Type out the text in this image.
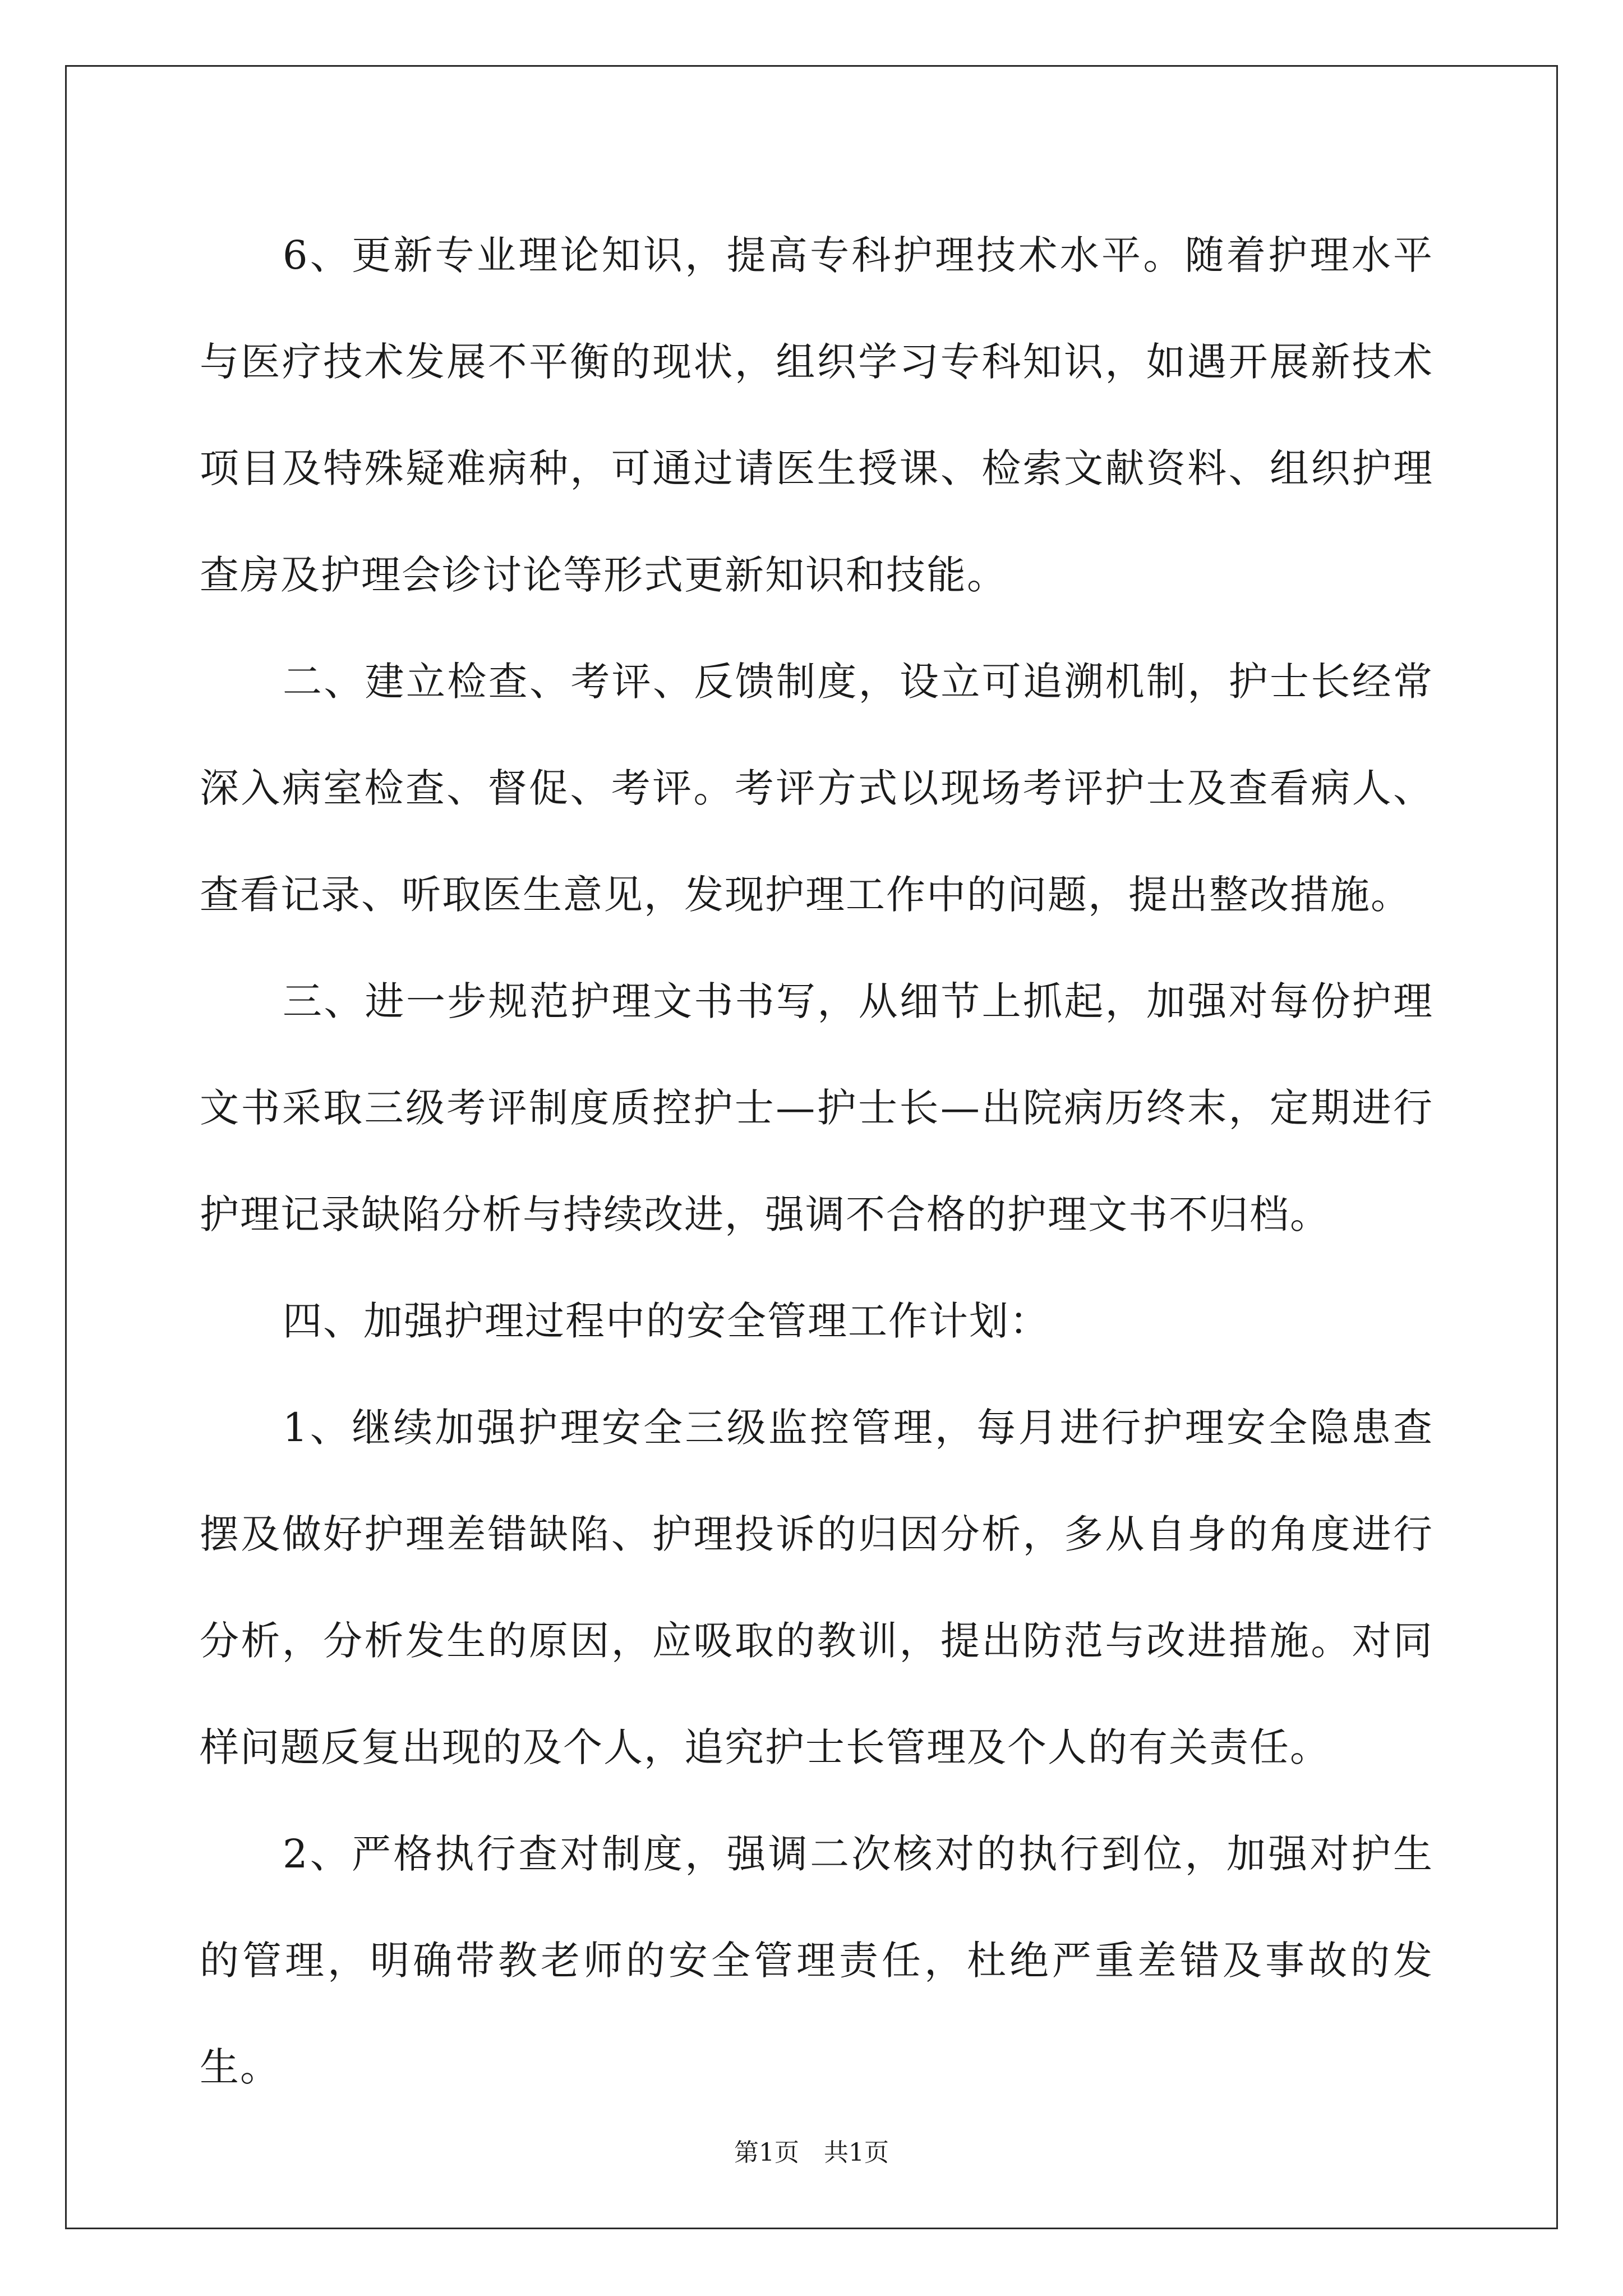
6、更新专业理论知识，提高专科护理技术水平。随着护理水平与医疗技术发展不平衡的现状，组织学习专科知识，如遇开展新技术项目及特殊疑难病种，可通过请医生授课、检索文献资料、组织护理查房及护理会诊讨论等形式更新知识和技能。

二、建立检查、考评、反馈制度，设立可追溯机制，护士长经常深入病室检查、督促、考评。考评方式以现场考评护士及查看病人、查看记录、听取医生意见，发现护理工作中的问题，提出整改措施。

三、进一步规范护理文书书写，从细节上抓起，加强对每份护理文书采取三级考评制度质控护士—护士长—出院病历终末，定期进行护理记录缺陷分析与持续改进，强调不合格的护理文书不归档。

四、加强护理过程中的安全管理工作计划：

1、继续加强护理安全三级监控管理，每月进行护理安全隐患查摆及做好护理差错缺陷、护理投诉的归因分析，多从自身的角度进行分析，分析发生的原因，应吸取的教训，提出防范与改进措施。对同样问题反复出现的及个人，追究护士长管理及个人的有关责任。

2、严格执行查对制度，强调二次核对的执行到位，加强对护生的管理，明确带教老师的安全管理责任，杜绝严重差错及事故的发生。

第1页　共1页
